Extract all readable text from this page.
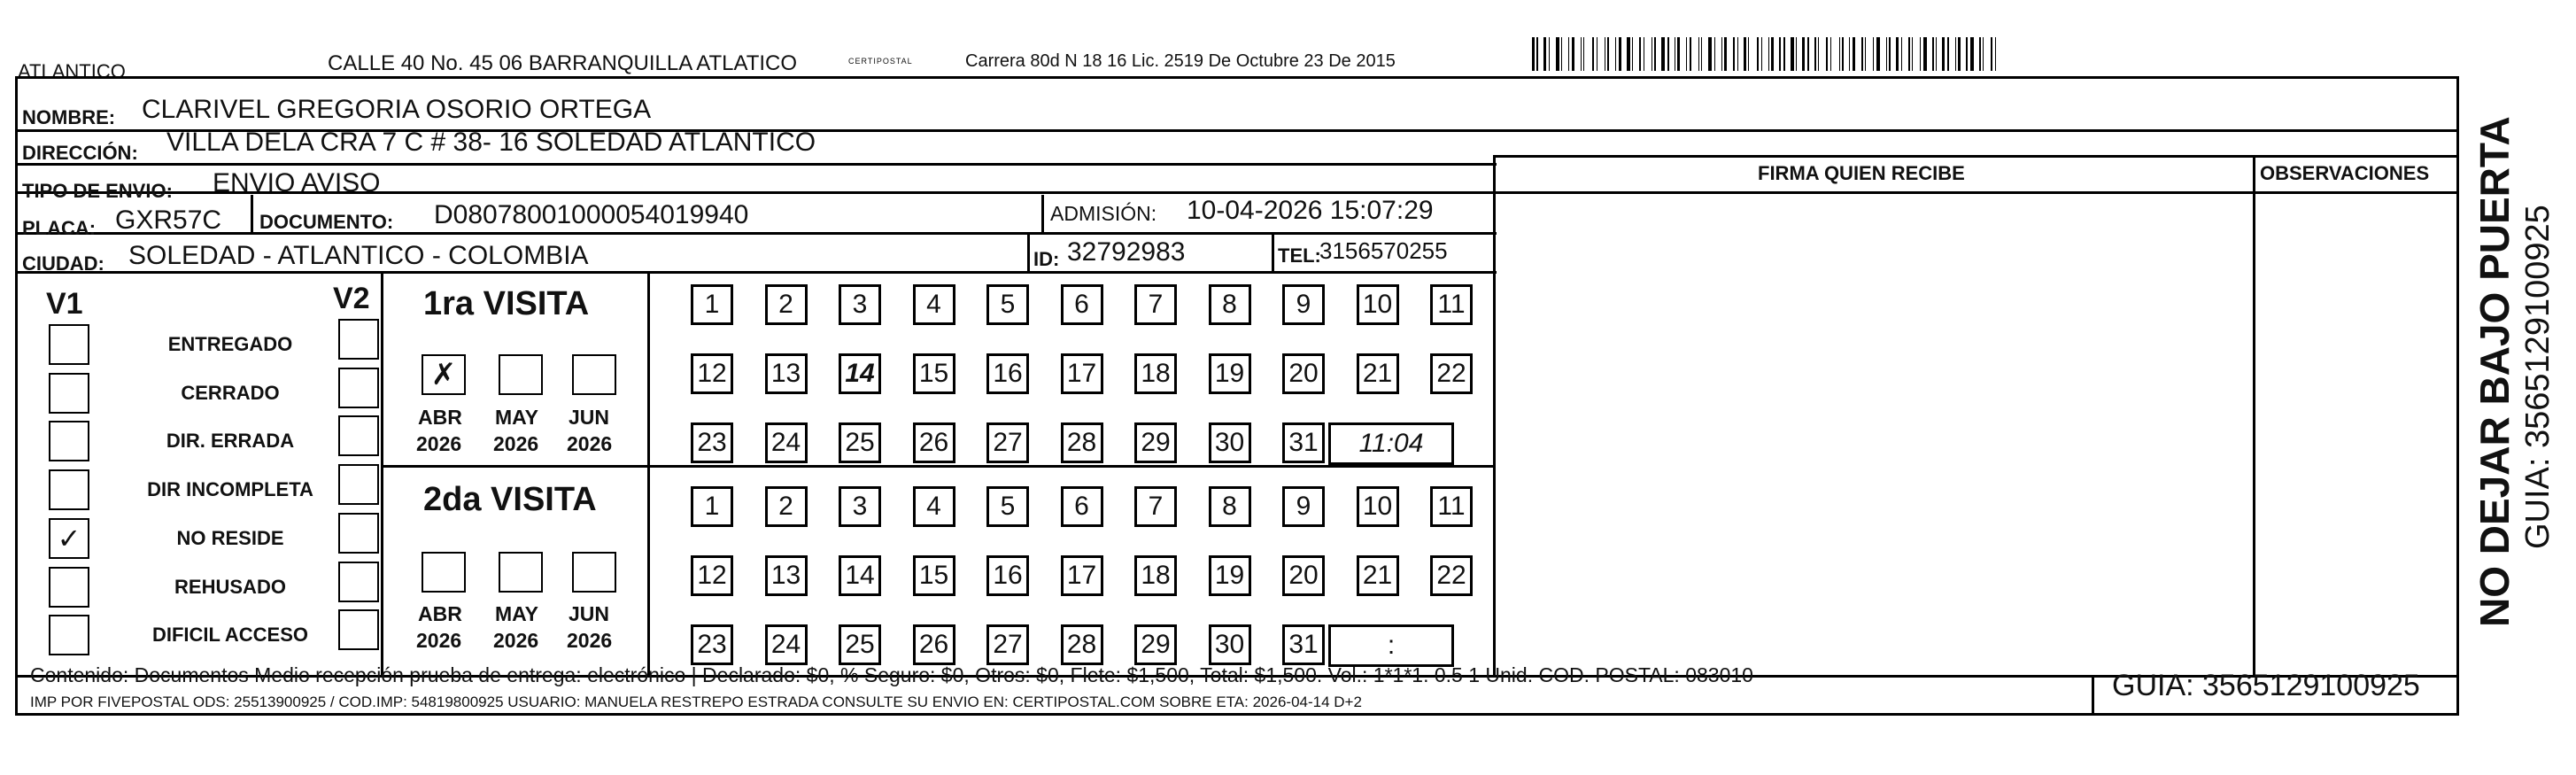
ATLANTICO	CALLE 40 No. 45 06 BARRANQUILLA ATLATICO	CERTIPOSTAL	Carrera 80d N 18 16 Lic. 2519 De Octubre 23 De 2015
NOMBRE: CLARIVEL GREGORIA OSORIO ORTEGA
DIRECCIÓN: VILLA DELA CRA 7 C # 38- 16 SOLEDAD ATLANTICO
TIPO DE ENVIO: ENVIO AVISO
PLACA: GXR57C DOCUMENTO: D08078001000054019940	ADMISIÓN: 10-04-2026 15:07:29
CIUDAD: SOLEDAD - ATLANTICO - COLOMBIA	ID: 32792983	TEL:
3156570255
FIRMA QUIEN RECIBE	OBSERVACIONES
V1	V2
ENTREGADO
CERRADO
DIR. ERRADA
DIR INCOMPLETA
✓	NO RESIDE
REHUSADO
DIFICIL ACCESO
1ra VISITA
2da VISITA
✗
ABR
2026
MAY
2026
JUN
2026
1	2	3	4	5	6	7	8	9	10 11
12 13 14 15 16 17 18 19 20 21 22
23 24 25 26 27 28 29 30 31	11:04
ABR
2026
MAY
2026
JUN
2026
1	2	3	4	5	6	7	8	9	10 11
12 13 14 15 16 17 18 19 20 21 22
23 24 25 26 27 28 29 30 31	:
Contenido: Documentos Medio recepción prueba de entrega: electrónico | Declarado: $0, % Seguro: $0, Otros: $0, Flete: $1,500, Total: $1,500. Vol.: 1*1*1. 0.5 1 Unid. COD. POSTAL: 083010
IMP POR FIVEPOSTAL ODS: 25513900925 / COD.IMP: 54819800925 USUARIO: MANUELA RESTREPO ESTRADA CONSULTE SU ENVIO EN: CERTIPOSTAL.COM SOBRE ETA: 2026-04-14 D+2	GUIA: 3565129100925
NO DEJAR BAJO PUERTA GUIA: 3565129100925
